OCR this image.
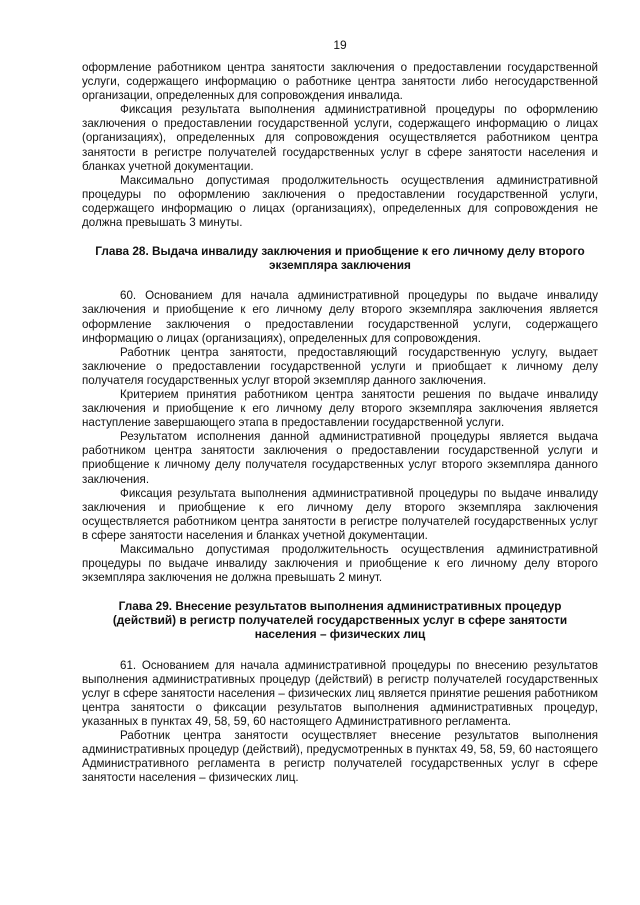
19

оформление работником центра занятости заключения о предоставлении государственной услуги, содержащего информацию о работнике центра занятости либо негосударственной организации, определенных для сопровождения инвалида.

Фиксация результата выполнения административной процедуры по оформлению заключения о предоставлении государственной услуги, содержащего информацию о лицах (организациях), определенных для сопровождения осуществляется работником центра занятости в регистре получателей государственных услуг в сфере занятости населения и бланках учетной документации.

Максимально допустимая продолжительность осуществления административной процедуры по оформлению заключения о предоставлении государственной услуги, содержащего информацию о лицах (организациях), определенных для сопровождения не должна превышать 3 минуты.

Глава 28. Выдача инвалиду заключения и приобщение к его личному делу второго экземпляра заключения

60. Основанием для начала административной процедуры по выдаче инвалиду заключения и приобщение к его личному делу второго экземпляра заключения является оформление заключения о предоставлении государственной услуги, содержащего информацию о лицах (организациях), определенных для сопровождения.

Работник центра занятости, предоставляющий государственную услугу, выдает заключение о предоставлении государственной услуги и приобщает к личному делу получателя государственных услуг второй экземпляр данного заключения.

Критерием принятия работником центра занятости решения по выдаче инвалиду заключения и приобщение к его личному делу второго экземпляра заключения является наступление завершающего этапа в предоставлении государственной услуги.

Результатом исполнения данной административной процедуры является выдача работником центра занятости заключения о предоставлении государственной услуги и приобщение к личному делу получателя государственных услуг второго экземпляра данного заключения.

Фиксация результата выполнения административной процедуры по выдаче инвалиду заключения и приобщение к его личному делу второго экземпляра заключения осуществляется работником центра занятости в регистре получателей государственных услуг в сфере занятости населения и бланках учетной документации.

Максимально допустимая продолжительность осуществления административной процедуры по выдаче инвалиду заключения и приобщение к его личному делу второго экземпляра заключения не должна превышать 2 минут.

Глава 29. Внесение результатов выполнения административных процедур (действий) в регистр получателей государственных услуг в сфере занятости населения – физических лиц

61. Основанием для начала административной процедуры по внесению результатов выполнения административных процедур (действий) в регистр получателей государственных услуг в сфере занятости населения – физических лиц является принятие решения работником центра занятости о фиксации результатов выполнения административных процедур, указанных в пунктах 49, 58, 59, 60 настоящего Административного регламента.

Работник центра занятости осуществляет внесение результатов выполнения административных процедур (действий), предусмотренных в пунктах 49, 58, 59, 60 настоящего Административного регламента в регистр получателей государственных услуг в сфере занятости населения – физических лиц.
